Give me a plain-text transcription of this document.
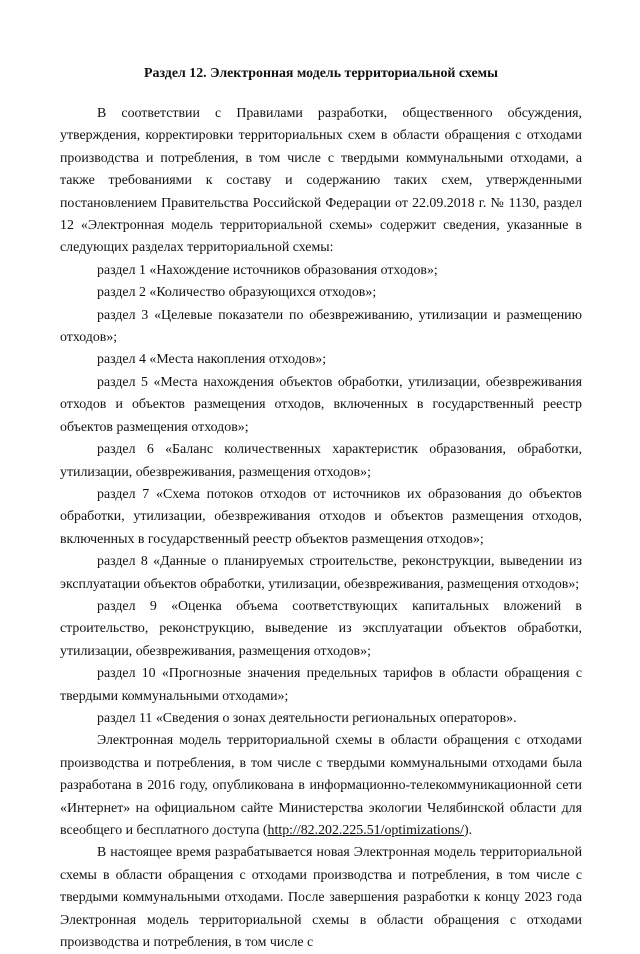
Раздел 12. Электронная модель территориальной схемы

В соответствии с Правилами разработки, общественного обсуждения, утверждения, корректировки территориальных схем в области обращения с отходами производства и потребления, в том числе с твердыми коммунальными отходами, а также требованиями к составу и содержанию таких схем, утвержденными постановлением Правительства Российской Федерации от 22.09.2018 г. № 1130, раздел 12 «Электронная модель территориальной схемы» содержит сведения, указанные в следующих разделах территориальной схемы:

раздел 1 «Нахождение источников образования отходов»;

раздел 2 «Количество образующихся отходов»;

раздел 3 «Целевые показатели по обезвреживанию, утилизации и размещению отходов»;

раздел 4 «Места накопления отходов»;

раздел 5 «Места нахождения объектов обработки, утилизации, обезвреживания отходов и объектов размещения отходов, включенных в государственный реестр объектов размещения отходов»;

раздел 6 «Баланс количественных характеристик образования, обработки, утилизации, обезвреживания, размещения отходов»;

раздел 7 «Схема потоков отходов от источников их образования до объектов обработки, утилизации, обезвреживания отходов и объектов размещения отходов, включенных в государственный реестр объектов размещения отходов»;

раздел 8 «Данные о планируемых строительстве, реконструкции, выведении из эксплуатации объектов обработки, утилизации, обезвреживания, размещения отходов»;

раздел 9 «Оценка объема соответствующих капитальных вложений в строительство, реконструкцию, выведение из эксплуатации объектов обработки, утилизации, обезвреживания, размещения отходов»;

раздел 10 «Прогнозные значения предельных тарифов в области обращения с твердыми коммунальными отходами»;

раздел 11 «Сведения о зонах деятельности региональных операторов».

Электронная модель территориальной схемы в области обращения с отходами производства и потребления, в том числе с твердыми коммунальными отходами была разработана в 2016 году, опубликована в информационно-телекоммуникационной сети «Интернет» на официальном сайте Министерства экологии Челябинской области для всеобщего и бесплатного доступа (http://82.202.225.51/optimizations/).

В настоящее время разрабатывается новая Электронная модель территориальной схемы в области обращения с отходами производства и потребления, в том числе с твердыми коммунальными отходами. После завершения разработки к концу 2023 года Электронная модель территориальной схемы в области обращения с отходами производства и потребления, в том числе с
